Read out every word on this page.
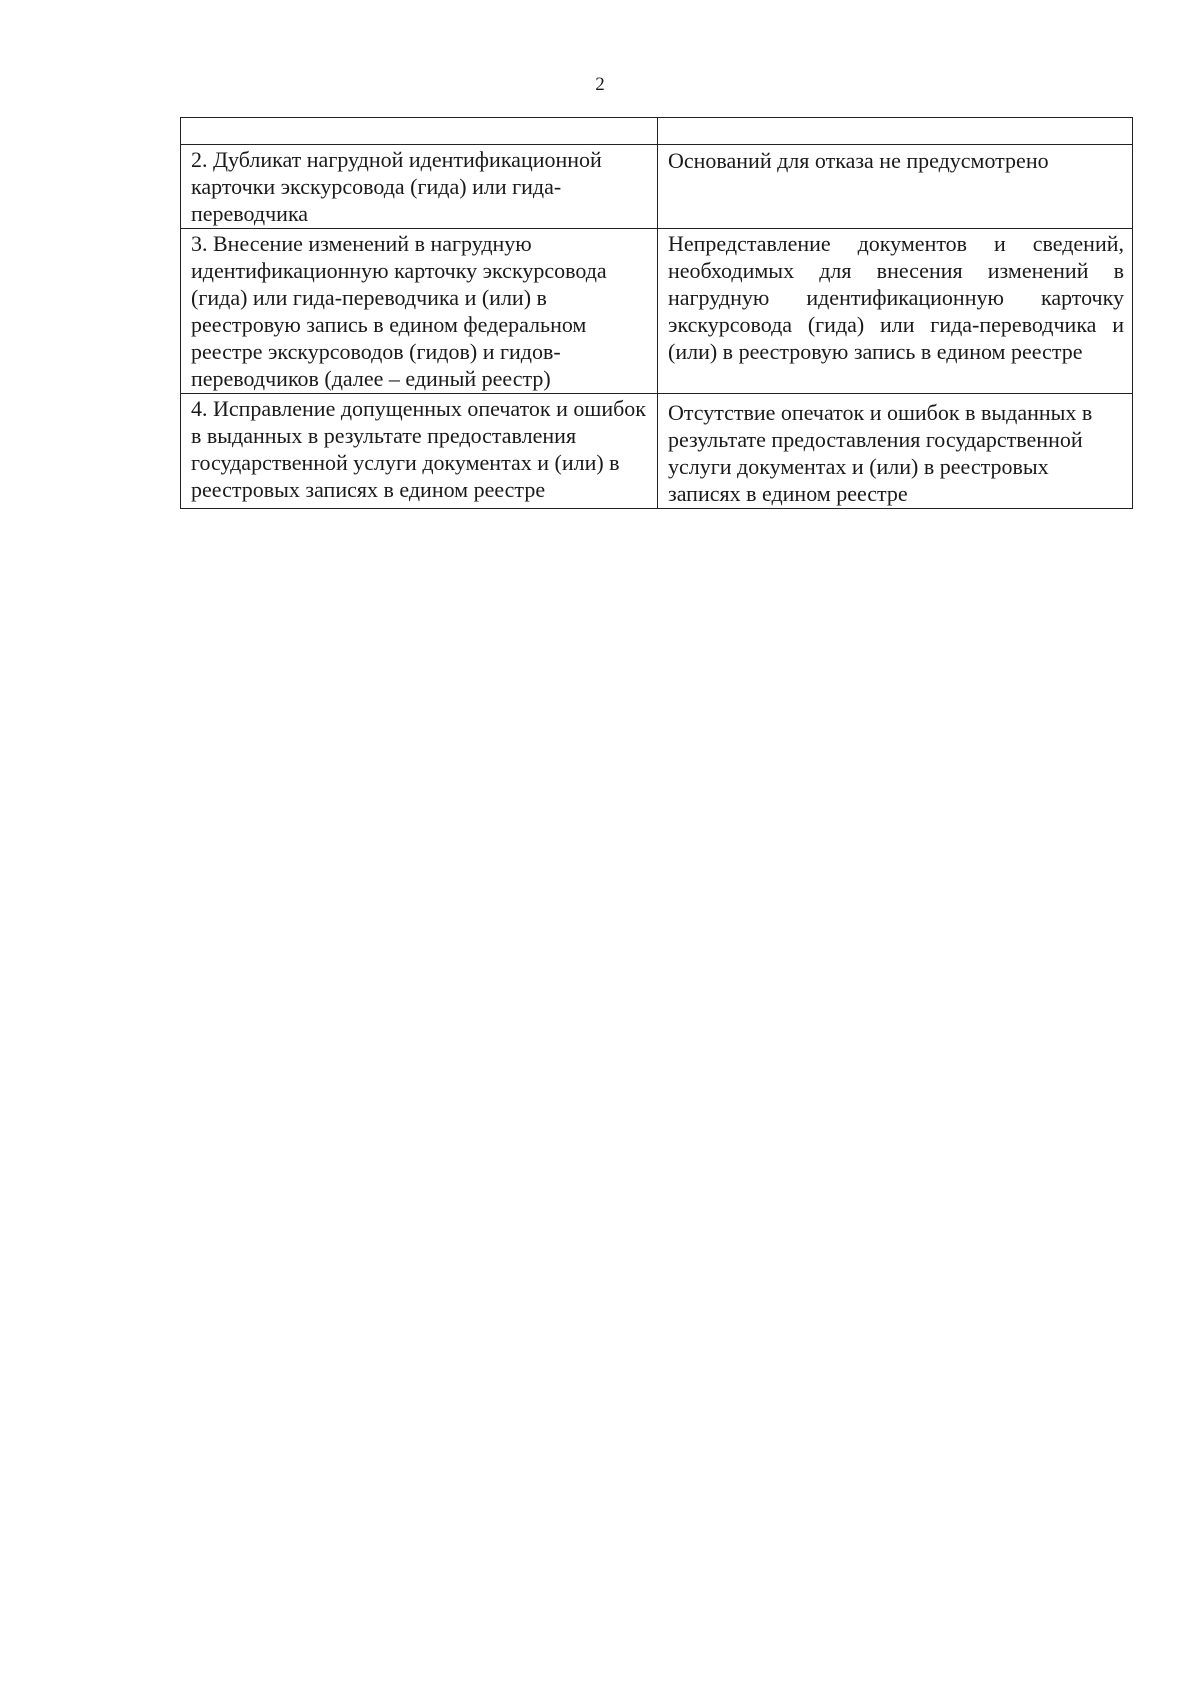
2

2. Дубликат нагрудной идентификационной карточки экскурсовода (гида) или гида-переводчика	Оснований для отказа не предусмотрено
3. Внесение изменений в нагрудную идентификационную карточку экскурсовода (гида) или гида-переводчика и (или) в реестровую запись в едином федеральном реестре экскурсоводов (гидов) и гидов-переводчиков (далее – единый реестр)	Непредставление документов и сведений, необходимых для внесения изменений в нагрудную идентификационную карточку экскурсовода (гида) или гида-переводчика и (или) в реестровую запись в едином реестре
4. Исправление допущенных опечаток и ошибок в выданных в результате предоставления государственной услуги документах и (или) в реестровых записях в едином реестре	Отсутствие опечаток и ошибок в выданных в результате предоставления государственной услуги документах и (или) в реестровых записях в едином реестре
